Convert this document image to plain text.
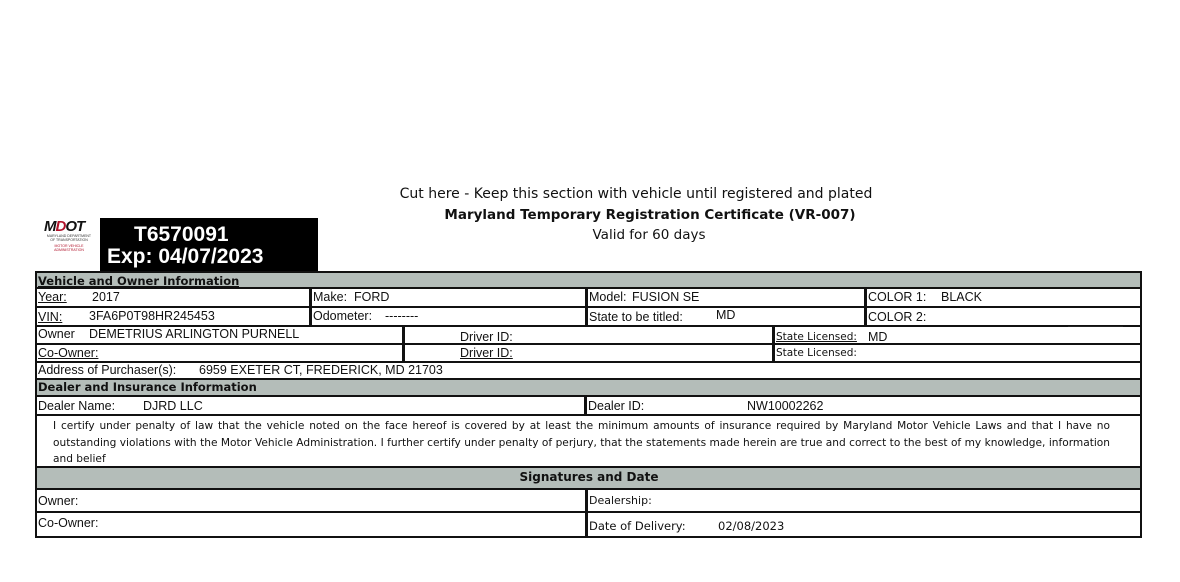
Cut here - Keep this section with vehicle until registered and plated
Maryland Temporary Registration Certificate (VR-007)
Valid for 60 days
MDOT
MARYLAND DEPARTMENT
OF TRANSPORTATION
MOTOR VEHICLE
ADMINISTRATION
T6570091
Exp: 04/07/2023
Vehicle and Owner Information
Year: 2017	Make: FORD	Model: FUSION SE	COLOR 1: BLACK
VIN: 3FA6P0T98HR245453	Odometer: --------	State to be titled:	MD	COLOR 2:
Owner DEMETRIUS ARLINGTON PURNELL	Driver ID:	State Licensed: MD
Co-Owner:	Driver ID:	State Licensed:
Address of Purchaser(s): 6959 EXETER CT, FREDERICK, MD 21703
Dealer and Insurance Information
Dealer Name: DJRD LLC	Dealer ID:	NW10002262
I certify under penalty of law that the vehicle noted on the face hereof is covered by at least the minimum amounts of insurance required by Maryland Motor Vehicle Laws and that I have no outstanding violations with the Motor Vehicle Administration. I further certify under penalty of perjury, that the statements made herein are true and correct to the best of my knowledge, information and belief
Signatures and Date
Owner:	Dealership:
Co-Owner:	Date of Delivery:	02/08/2023
